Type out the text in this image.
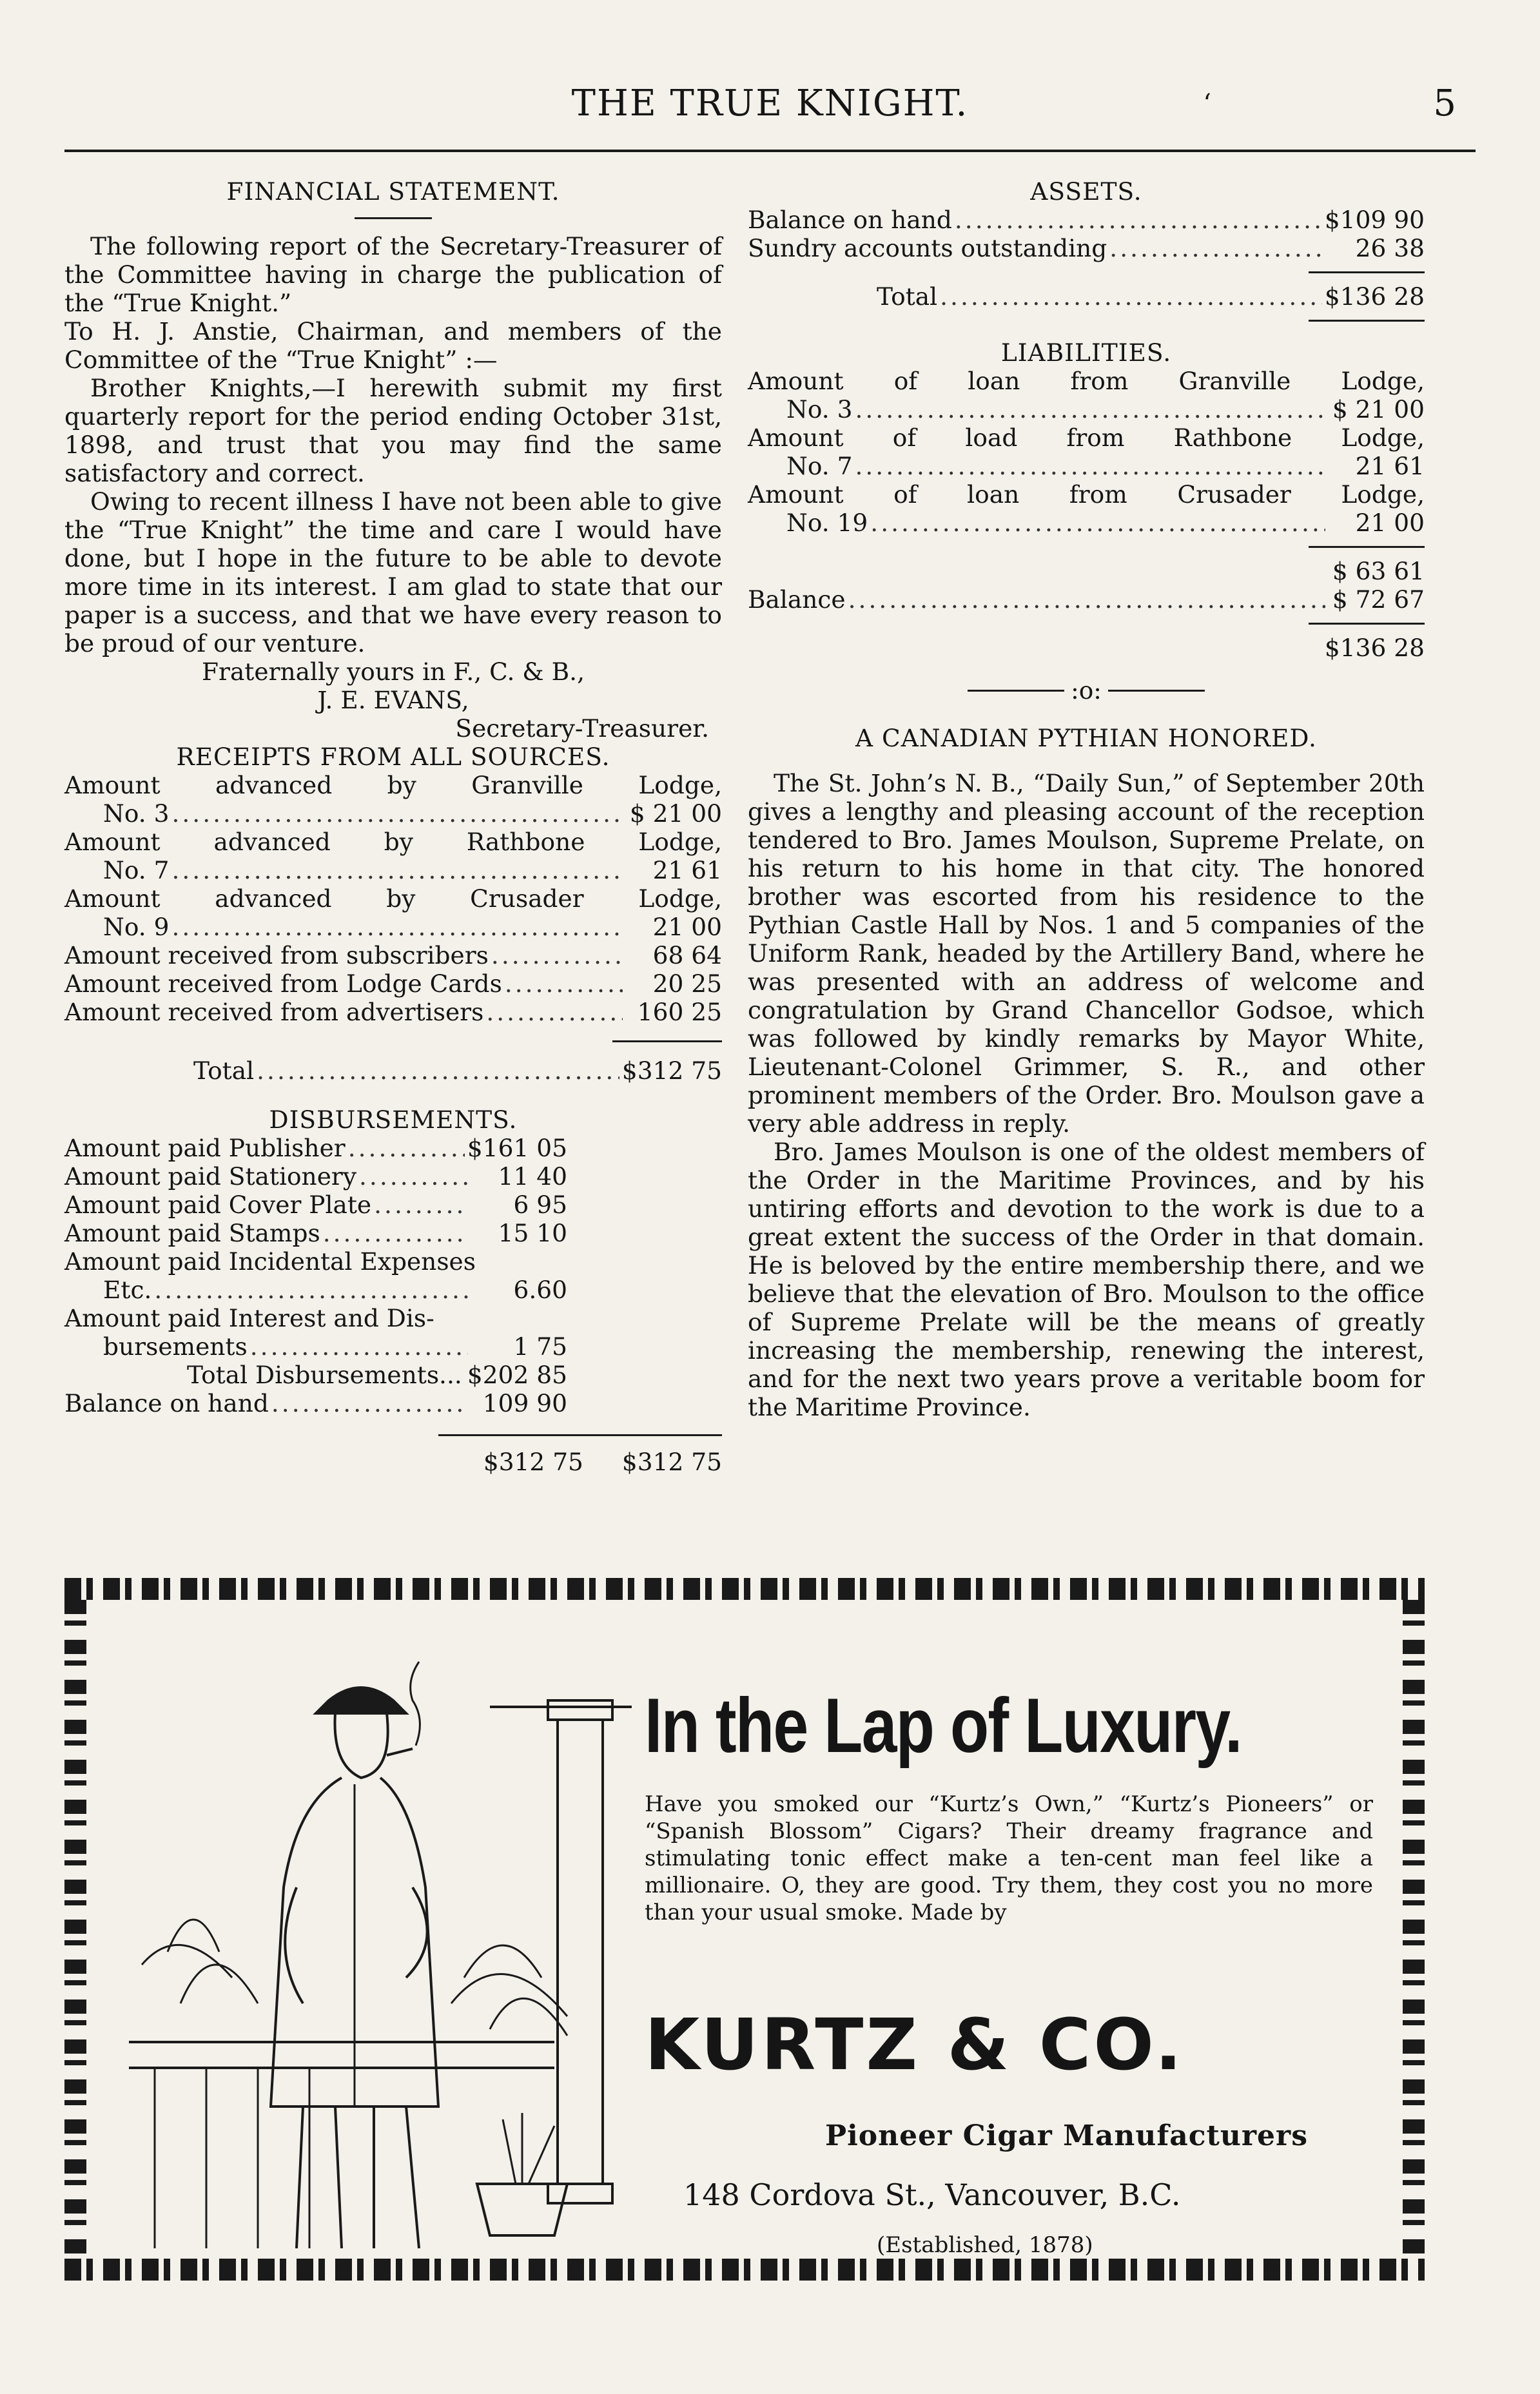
THE TRUE KNIGHT.	‘	5
FINANCIAL STATEMENT.

The following report of the Secretary-Treasurer of the Committee having in charge the publication of the “True Knight.”

To H. J. Anstie, Chairman, and members of the Committee of the “True Knight” :—

Brother Knights,—I herewith submit my first quarterly report for the period ending October 31st, 1898, and trust that you may find the same satisfactory and correct.

Owing to recent illness I have not been able to give the “True Knight” the time and care I would have done, but I hope in the future to be able to devote more time in its interest. I am glad to state that our paper is a success, and that we have every reason to be proud of our venture.

Fraternally yours in F., C. & B.,
J. E. EVANS,
Secretary-Treasurer.
RECEIPTS FROM ALL SOURCES.
Amount advanced by Granville Lodge,
No. 3 .....	$ 21 00
Amount advanced by Rathbone Lodge,
No. 7 .....	21 61
Amount advanced by Crusader Lodge,
No. 9 .....	21 00
Amount received from subscribers .....	68 64
Amount received from Lodge Cards .....	20 25
Amount received from advertisers .....	160 25
Total .....	$312 75
DISBURSEMENTS.
Amount paid Publisher .....	$161 05
Amount paid Stationery .....	11 40
Amount paid Cover Plate .....	6 95
Amount paid Stamps .....	15 10
Amount paid Incidental Expenses
Etc. .....	6.60
Amount paid Interest and Dis-
bursements .....	1 75
Total Disbursements... $202 85
Balance on hand .....	109 90
$312 75 $312 75
ASSETS.
Balance on hand .....	$109 90
Sundry accounts outstanding .....	26 38
Total .....	$136 28
LIABILITIES.
Amount of loan from Granville Lodge,
No. 3 .....	$ 21 00
Amount of load from Rathbone Lodge,
No. 7 .....	21 61
Amount of loan from Crusader Lodge,
No. 19 .....	21 00
$ 63 61
Balance .....	$ 72 67
$136 28
:o:
A CANADIAN PYTHIAN HONORED.

The St. John’s N. B., “Daily Sun,” of September 20th gives a lengthy and pleasing account of the reception tendered to Bro. James Moulson, Supreme Prelate, on his return to his home in that city. The honored brother was escorted from his residence to the Pythian Castle Hall by Nos. 1 and 5 companies of the Uniform Rank, headed by the Artillery Band, where he was presented with an address of welcome and congratulation by Grand Chancellor Godsoe, which was followed by kindly remarks by Mayor White, Lieutenant-Colonel Grimmer, S. R., and other prominent members of the Order. Bro. Moulson gave a very able address in reply.

Bro. James Moulson is one of the oldest members of the Order in the Maritime Provinces, and by his untiring efforts and devotion to the work is due to a great extent the success of the Order in that domain. He is beloved by the entire membership there, and we believe that the elevation of Bro. Moulson to the office of Supreme Prelate will be the means of greatly increasing the membership, renewing the interest, and for the next two years prove a veritable boom for the Maritime Province.

In the Lap of Luxury.
Have you smoked our “Kurtz’s Own,” “Kurtz’s Pioneers” or “Spanish Blossom” Cigars? Their dreamy fragrance and stimulating tonic effect make a ten-cent man feel like a millionaire. O, they are good. Try them, they cost you no more than your usual smoke. Made by
KURTZ & CO.
Pioneer Cigar Manufacturers
148 Cordova St., Vancouver, B.C.
(Established, 1878)
